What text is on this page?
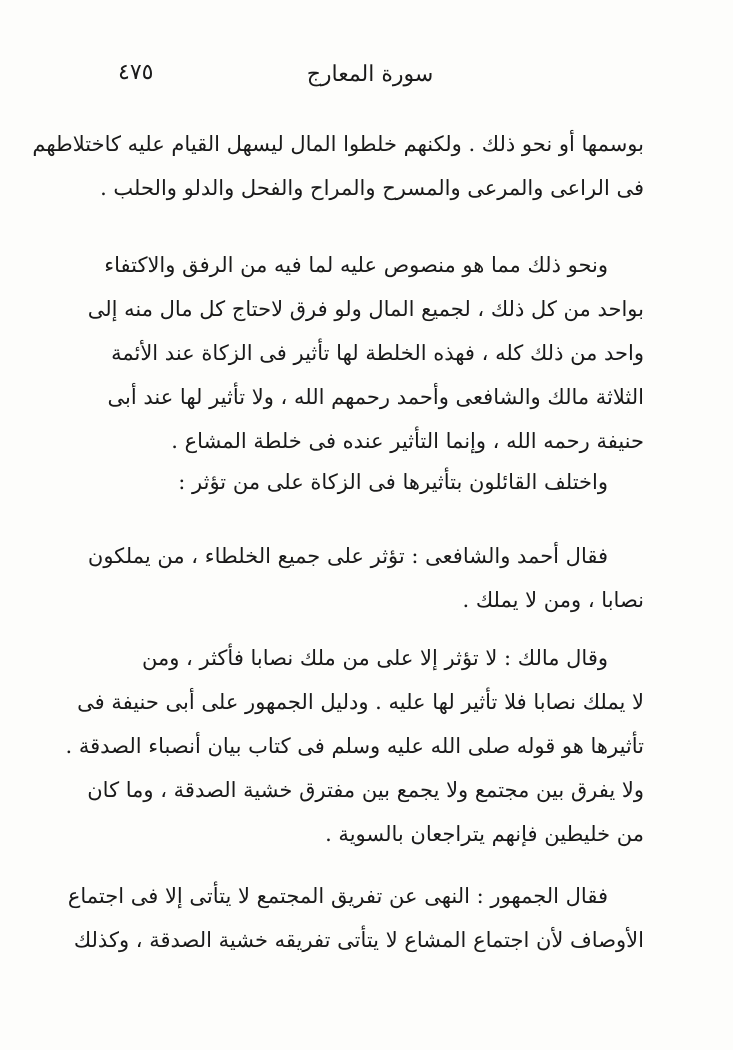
سورة المعارج
٤٧٥
بوسمها أو نحو ذلك . ولكنهم خلطوا المال ليسهل القيام عليه كاختلاطهم
فى الراعى والمرعى والمسرح والمراح والفحل والدلو والحلب .
ونحو ذلك مما هو منصوص عليه لما فيه من الرفق والاكتفاء
بواحد من كل ذلك ، لجميع المال ولو فرق لاحتاج كل مال منه إلى
واحد من ذلك كله ، فهذه الخلطة لها تأثير فى الزكاة عند الأئمة
الثلاثة مالك والشافعى وأحمد رحمهم الله ، ولا تأثير لها عند أبى
حنيفة رحمه الله ، وإنما التأثير عنده فى خلطة المشاع .
واختلف القائلون بتأثيرها فى الزكاة على من تؤثر :
فقال أحمد والشافعى : تؤثر على جميع الخلطاء ، من يملكون
نصابا ، ومن لا يملك .
وقال مالك : لا تؤثر إلا على من ملك نصابا فأكثر ، ومن
لا يملك نصابا فلا تأثير لها عليه . ودليل الجمهور على أبى حنيفة فى
تأثيرها هو قوله صلى الله عليه وسلم فى كتاب بيان أنصباء الصدقة .
ولا يفرق بين مجتمع ولا يجمع بين مفترق خشية الصدقة ، وما كان
من خليطين فإنهم يتراجعان بالسوية .
فقال الجمهور : النهى عن تفريق المجتمع لا يتأتى إلا فى اجتماع
الأوصاف لأن اجتماع المشاع لا يتأتى تفريقه خشية الصدقة ، وكذلك
